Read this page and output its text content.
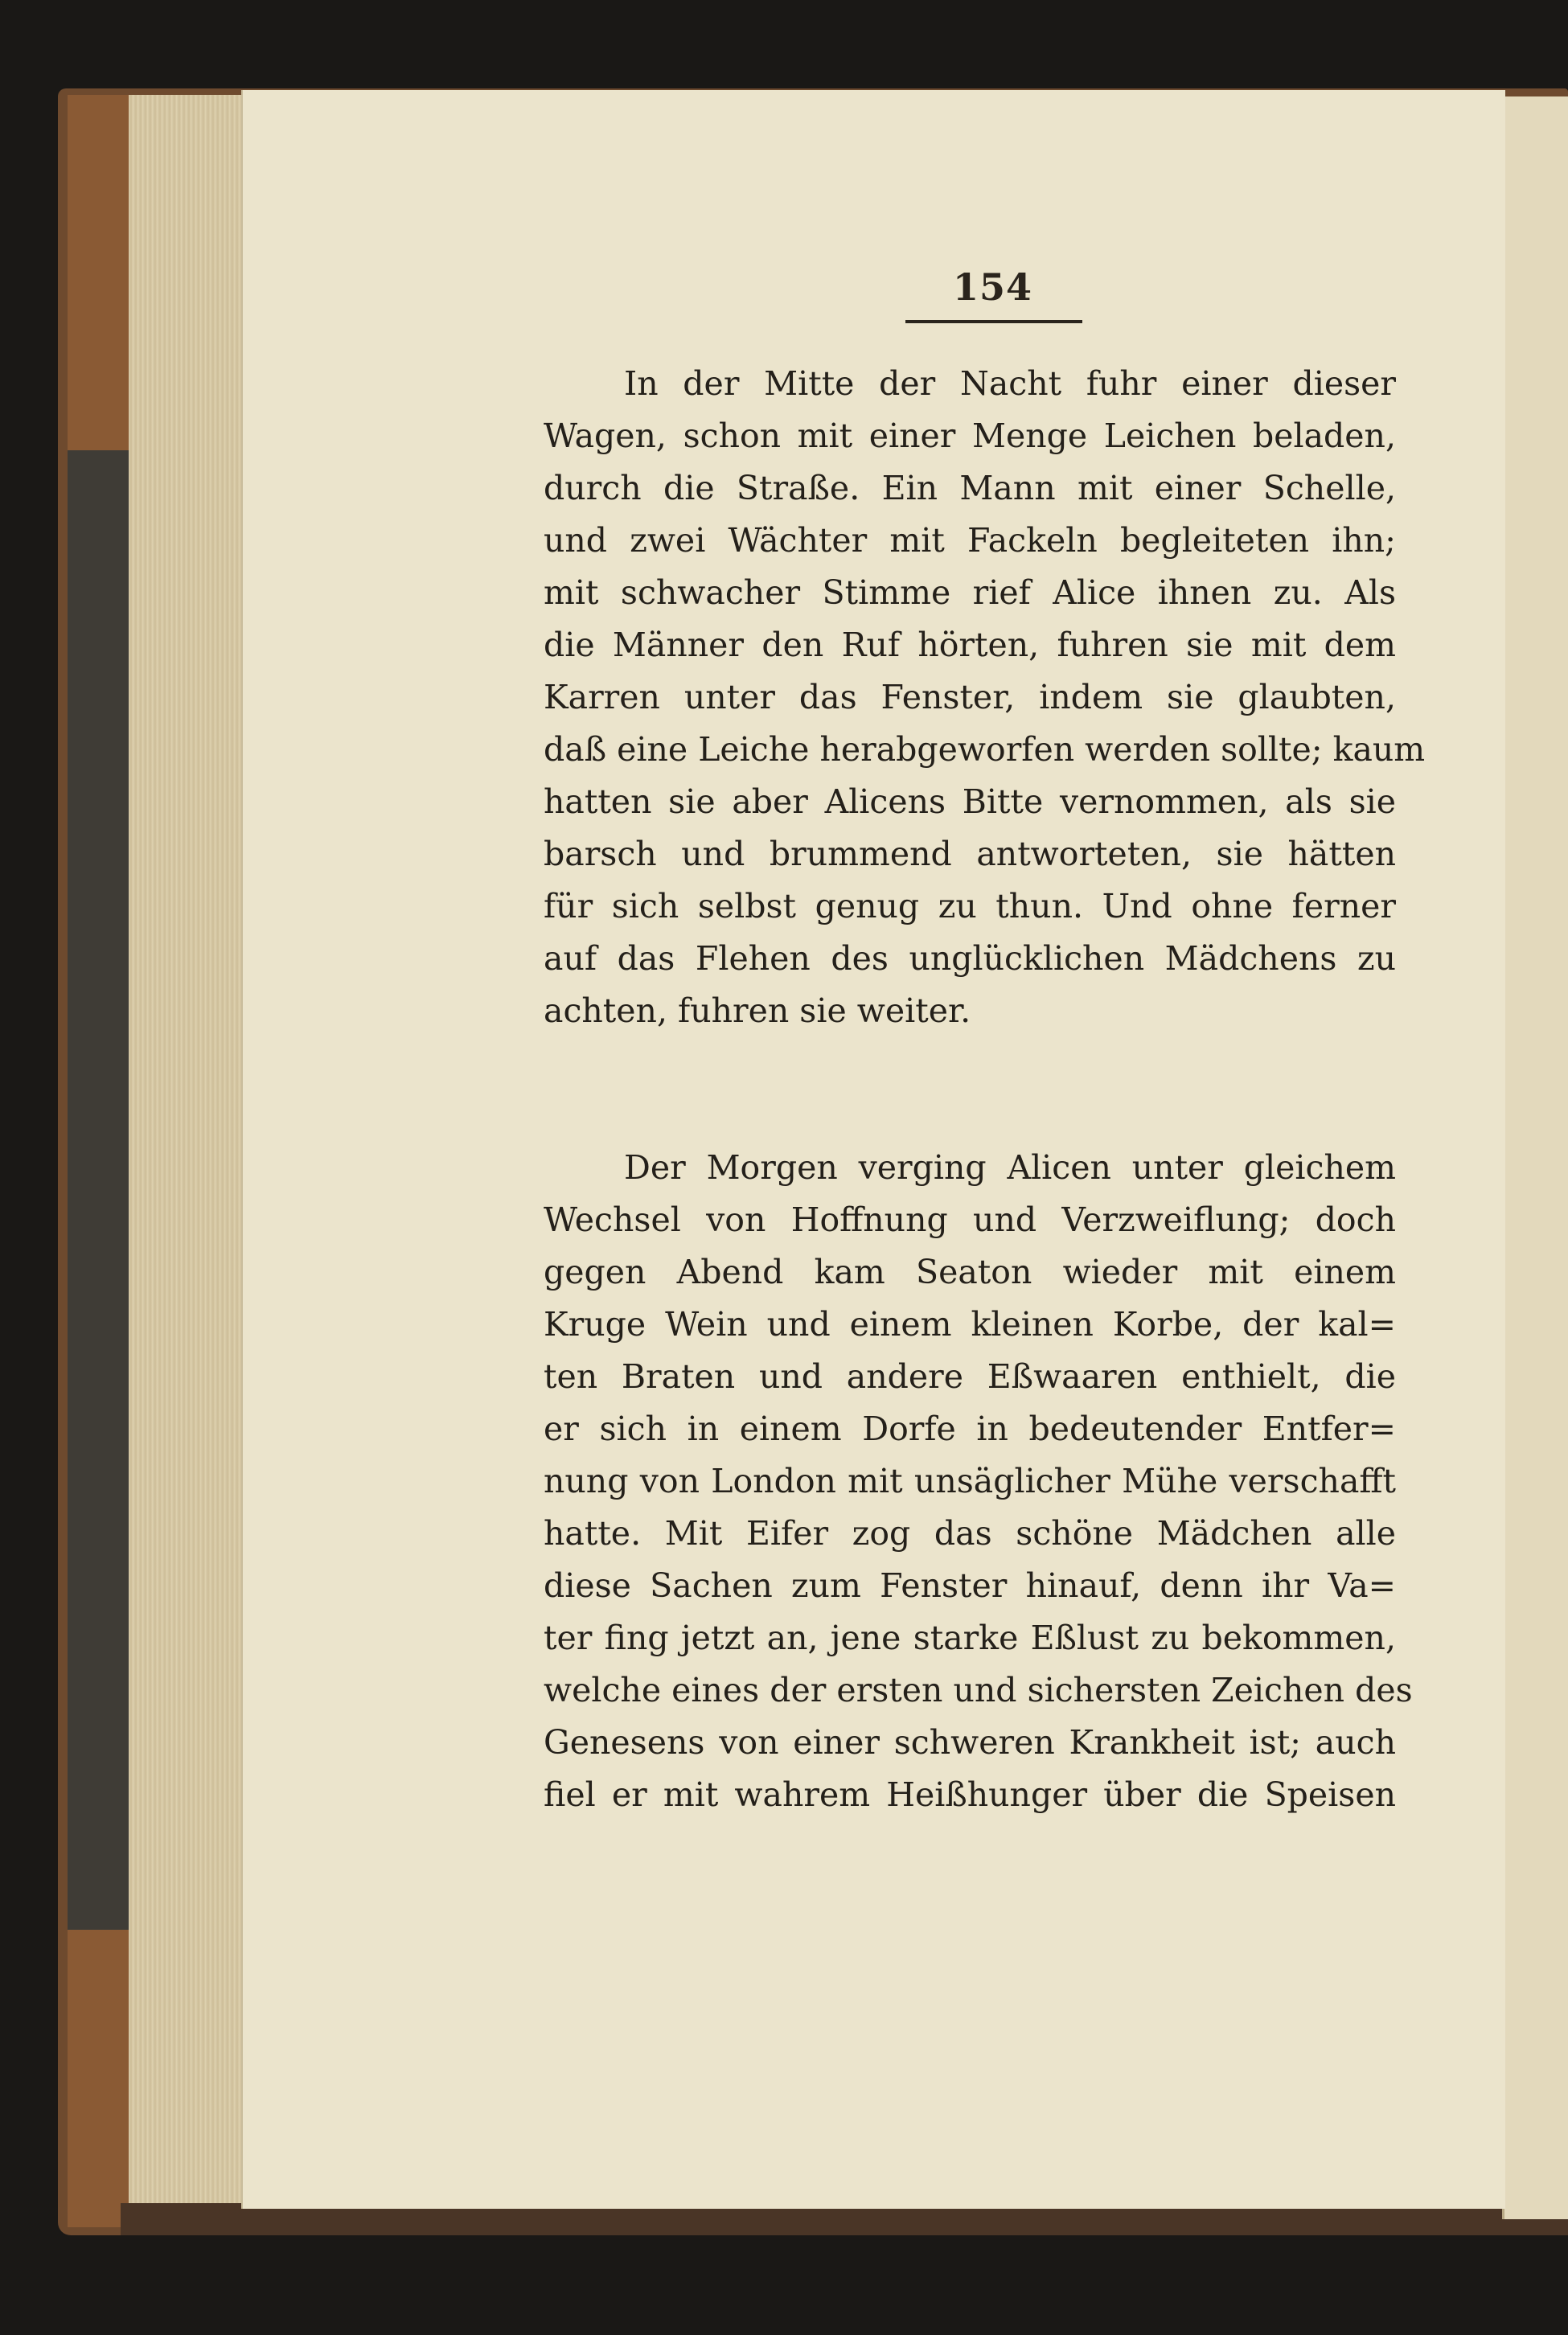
154
In der Mitte der Nacht fuhr einer dieser
Wagen, schon mit einer Menge Leichen beladen,
durch die Straße. Ein Mann mit einer Schelle,
und zwei Wächter mit Fackeln begleiteten ihn;
mit schwacher Stimme rief Alice ihnen zu. Als
die Männer den Ruf hörten, fuhren sie mit dem
Karren unter das Fenster, indem sie glaubten,
daß eine Leiche herabgeworfen werden sollte; kaum
hatten sie aber Alicens Bitte vernommen, als sie
barsch und brummend antworteten, sie hätten
für sich selbst genug zu thun. Und ohne ferner
auf das Flehen des unglücklichen Mädchens zu
achten, fuhren sie weiter.
Der Morgen verging Alicen unter gleichem
Wechsel von Hoffnung und Verzweiflung; doch
gegen Abend kam Seaton wieder mit einem
Kruge Wein und einem kleinen Korbe, der kal=
ten Braten und andere Eßwaaren enthielt, die
er sich in einem Dorfe in bedeutender Entfer=
nung von London mit unsäglicher Mühe verschafft
hatte. Mit Eifer zog das schöne Mädchen alle
diese Sachen zum Fenster hinauf, denn ihr Va=
ter fing jetzt an, jene starke Eßlust zu bekommen,
welche eines der ersten und sichersten Zeichen des
Genesens von einer schweren Krankheit ist; auch
fiel er mit wahrem Heißhunger über die Speisen
